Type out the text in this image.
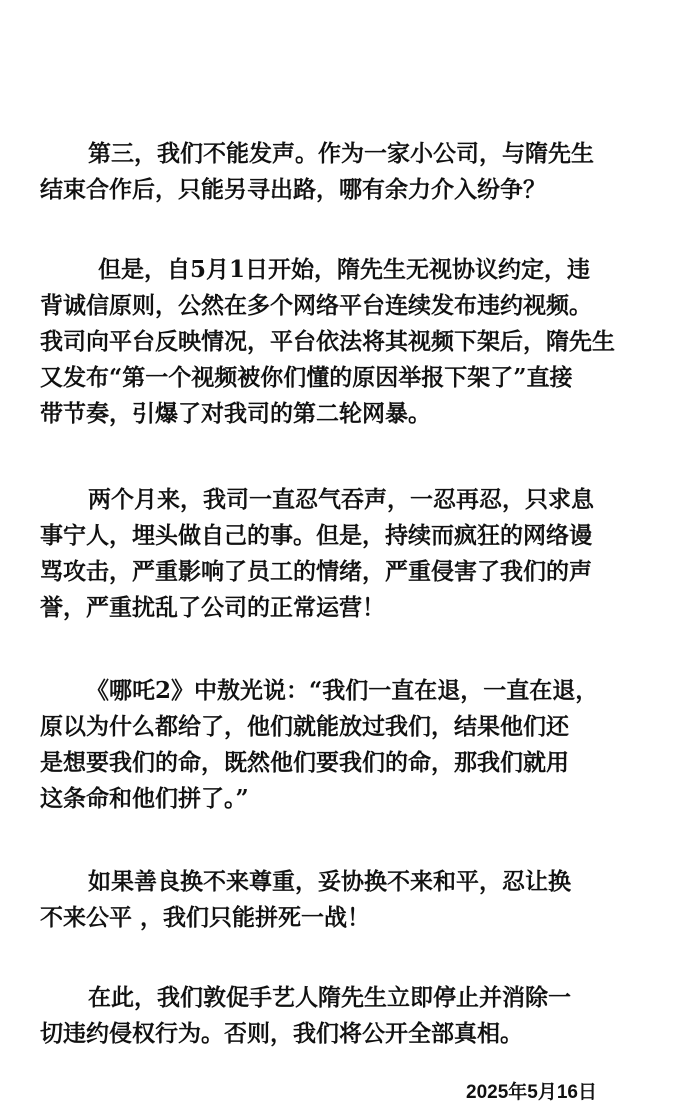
第三，我们不能发声。作为一家小公司，与隋先生
结束合作后，只能另寻出路，哪有余力介入纷争？

但是，自5月1日开始，隋先生无视协议约定，违
背诚信原则，公然在多个网络平台连续发布违约视频。
我司向平台反映情况，平台依法将其视频下架后，隋先生
又发布“第一个视频被你们懂的原因举报下架了”直接
带节奏，引爆了对我司的第二轮网暴。

两个月来，我司一直忍气吞声，一忍再忍，只求息
事宁人，埋头做自己的事。但是，持续而疯狂的网络谩
骂攻击，严重影响了员工的情绪，严重侵害了我们的声
誉，严重扰乱了公司的正常运营！

《哪吒2》中敖光说：“我们一直在退，一直在退，
原以为什么都给了，他们就能放过我们，结果他们还
是想要我们的命，既然他们要我们的命，那我们就用
这条命和他们拼了。”

如果善良换不来尊重，妥协换不来和平，忍让换
不来公平 ，我们只能拼死一战！

在此，我们敦促手艺人隋先生立即停止并消除一
切违约侵权行为。否则，我们将公开全部真相。

2025年5月16日
